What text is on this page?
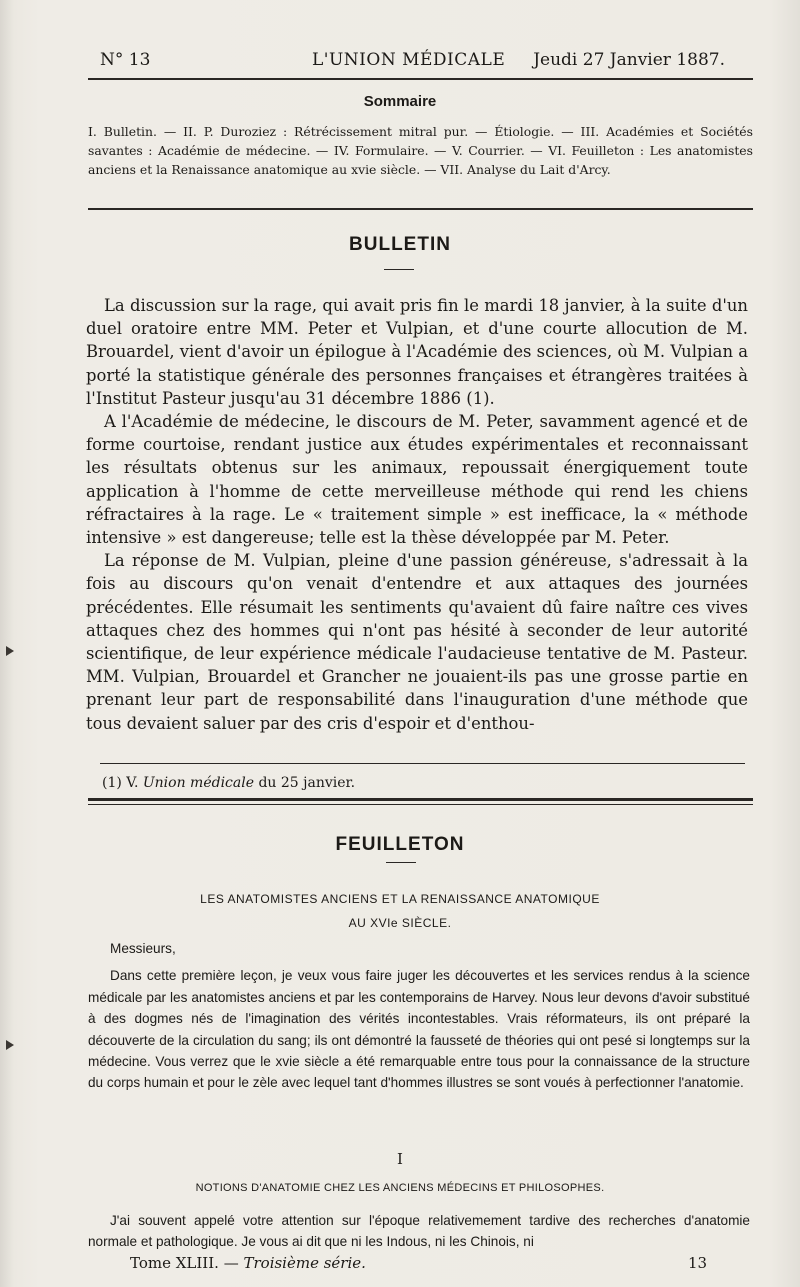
N° 13	L'UNION MÉDICALE Jeudi 27 Janvier 1887.
Sommaire
I. Bulletin. — II. P. Duroziez : Rétrécissement mitral pur. — Étiologie. — III. Académies et Sociétés savantes : Académie de médecine. — IV. Formulaire. — V. Courrier. — VI. Feuilleton : Les anatomistes anciens et la Renaissance anatomique au xvie siècle. — VII. Analyse du Lait d'Arcy.
BULLETIN

La discussion sur la rage, qui avait pris fin le mardi 18 janvier, à la suite d'un duel oratoire entre MM. Peter et Vulpian, et d'une courte allocution de M. Brouardel, vient d'avoir un épilogue à l'Académie des sciences, où M. Vulpian a porté la statistique générale des personnes françaises et étrangères traitées à l'Institut Pasteur jusqu'au 31 décembre 1886 (1).

A l'Académie de médecine, le discours de M. Peter, savamment agencé et de forme courtoise, rendant justice aux études expérimentales et reconnaissant les résultats obtenus sur les animaux, repoussait énergiquement toute application à l'homme de cette merveilleuse méthode qui rend les chiens réfractaires à la rage. Le « traitement simple » est inefficace, la « méthode intensive » est dangereuse; telle est la thèse développée par M. Peter.

La réponse de M. Vulpian, pleine d'une passion généreuse, s'adressait à la fois au discours qu'on venait d'entendre et aux attaques des journées précédentes. Elle résumait les sentiments qu'avaient dû faire naître ces vives attaques chez des hommes qui n'ont pas hésité à seconder de leur autorité scientifique, de leur expérience médicale l'audacieuse tentative de M. Pasteur. MM. Vulpian, Brouardel et Grancher ne jouaient-ils pas une grosse partie en prenant leur part de responsabilité dans l'inauguration d'une méthode que tous devaient saluer par des cris d'espoir et d'enthou-

(1) V. Union médicale du 25 janvier.
FEUILLETON
LES ANATOMISTES ANCIENS ET LA RENAISSANCE ANATOMIQUE
AU XVIe SIÈCLE.

Messieurs,

Dans cette première leçon, je veux vous faire juger les découvertes et les services rendus à la science médicale par les anatomistes anciens et par les contemporains de Harvey. Nous leur devons d'avoir substitué à des dogmes nés de l'imagination des vérités incontestables. Vrais réformateurs, ils ont préparé la découverte de la circulation du sang; ils ont démontré la fausseté de théories qui ont pesé si longtemps sur la médecine. Vous verrez que le xvie siècle a été remarquable entre tous pour la connaissance de la structure du corps humain et pour le zèle avec lequel tant d'hommes illustres se sont voués à perfectionner l'anatomie.

I
NOTIONS D'ANATOMIE CHEZ LES ANCIENS MÉDECINS ET PHILOSOPHES.
J'ai souvent appelé votre attention sur l'époque relativemement tardive des recherches d'anatomie normale et pathologique. Je vous ai dit que ni les Indous, ni les Chinois, ni
Tome XLIII. — Troisième série.	13
